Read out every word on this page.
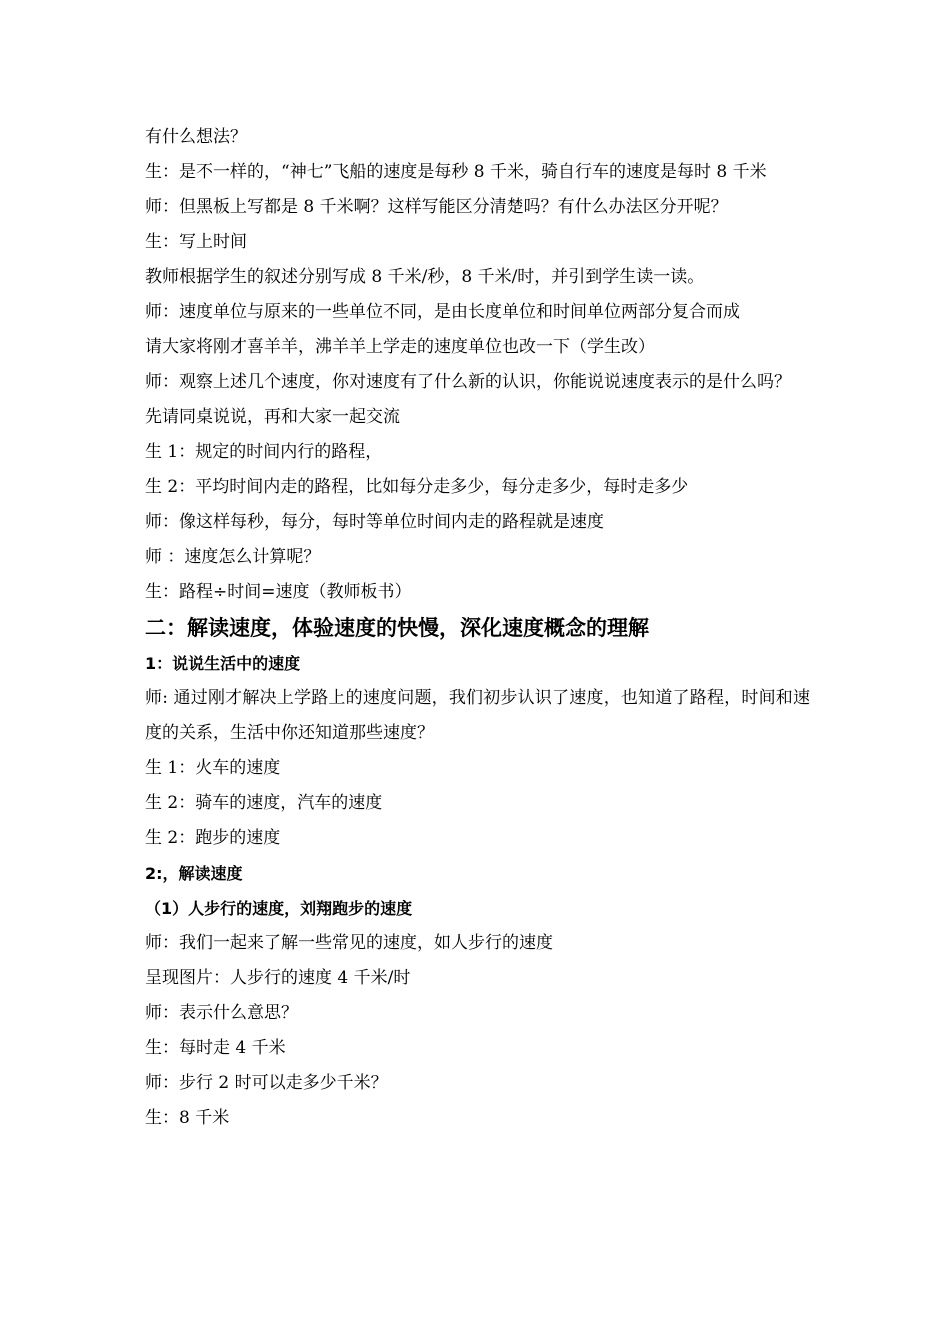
有什么想法？
生：是不一样的，“神七”飞船的速度是每秒 8 千米，骑自行车的速度是每时 8 千米
师：但黑板上写都是 8 千米啊？这样写能区分清楚吗？有什么办法区分开呢？
生：写上时间
教师根据学生的叙述分别写成 8 千米/秒，8 千米/时，并引到学生读一读。
师：速度单位与原来的一些单位不同，是由长度单位和时间单位两部分复合而成
请大家将刚才喜羊羊，沸羊羊上学走的速度单位也改一下（学生改）
师：观察上述几个速度，你对速度有了什么新的认识，你能说说速度表示的是什么吗？
先请同桌说说，再和大家一起交流
生 1：规定的时间内行的路程，
生 2：平均时间内走的路程，比如每分走多少，每分走多少，每时走多少
师：像这样每秒，每分，每时等单位时间内走的路程就是速度
师 ：速度怎么计算呢？
生：路程÷时间=速度（教师板书）
二：解读速度，体验速度的快慢，深化速度概念的理解
1：说说生活中的速度
师: 通过刚才解决上学路上的速度问题，我们初步认识了速度，也知道了路程，时间和速度的关系，生活中你还知道那些速度？
生 1：火车的速度
生 2：骑车的速度，汽车的速度
生 2：跑步的速度
2:，解读速度
（1）人步行的速度，刘翔跑步的速度
师：我们一起来了解一些常见的速度，如人步行的速度
呈现图片：人步行的速度 4 千米/时
师：表示什么意思？
生：每时走 4 千米
师：步行 2 时可以走多少千米？
生：8 千米
